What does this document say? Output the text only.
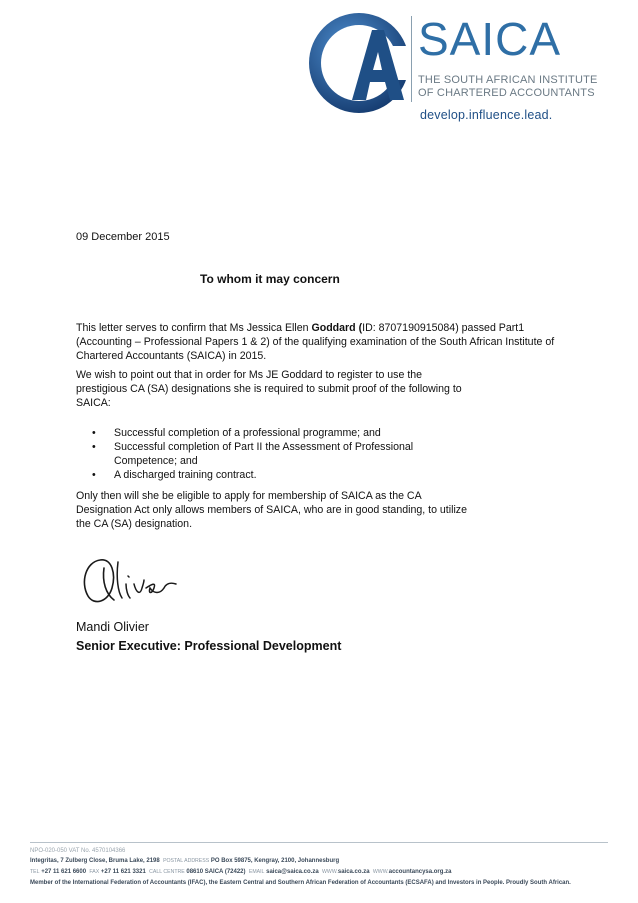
SAICA
THE SOUTH AFRICAN INSTITUTE
OF CHARTERED ACCOUNTANTS
develop.influence.lead.
09 December 2015
To whom it may concern

This letter serves to confirm that Ms Jessica Ellen Goddard (ID: 8707190915084) passed Part1 (Accounting – Professional Papers 1 & 2) of the qualifying examination of the South African Institute of Chartered Accountants (SAICA) in 2015.

We wish to point out that in order for Ms JE Goddard to register to use the prestigious CA (SA) designations she is required to submit proof of the following to SAICA:

• Successful completion of a professional programme; and
• Successful completion of Part II the Assessment of Professional Competence; and
• A discharged training contract.

Only then will she be eligible to apply for membership of SAICA as the CA Designation Act only allows members of SAICA, who are in good standing, to utilize the CA (SA) designation.

Mandi Olivier
Senior Executive: Professional Development
NPO-020-050 VAT No. 4570104366
Integritas, 7 Zulberg Close, Bruma Lake, 2198 POSTAL ADDRESS PO Box 59875, Kengray, 2100, Johannesburg
TEL +27 11 621 6600 FAX +27 11 621 3321 CALL CENTRE 08610 SAICA (72422) EMAIL saica@saica.co.za WWW.saica.co.za WWW.accountancysa.org.za
Member of the International Federation of Accountants (IFAC), the Eastern Central and Southern African Federation of Accountants (ECSAFA) and Investors in People. Proudly South African.
